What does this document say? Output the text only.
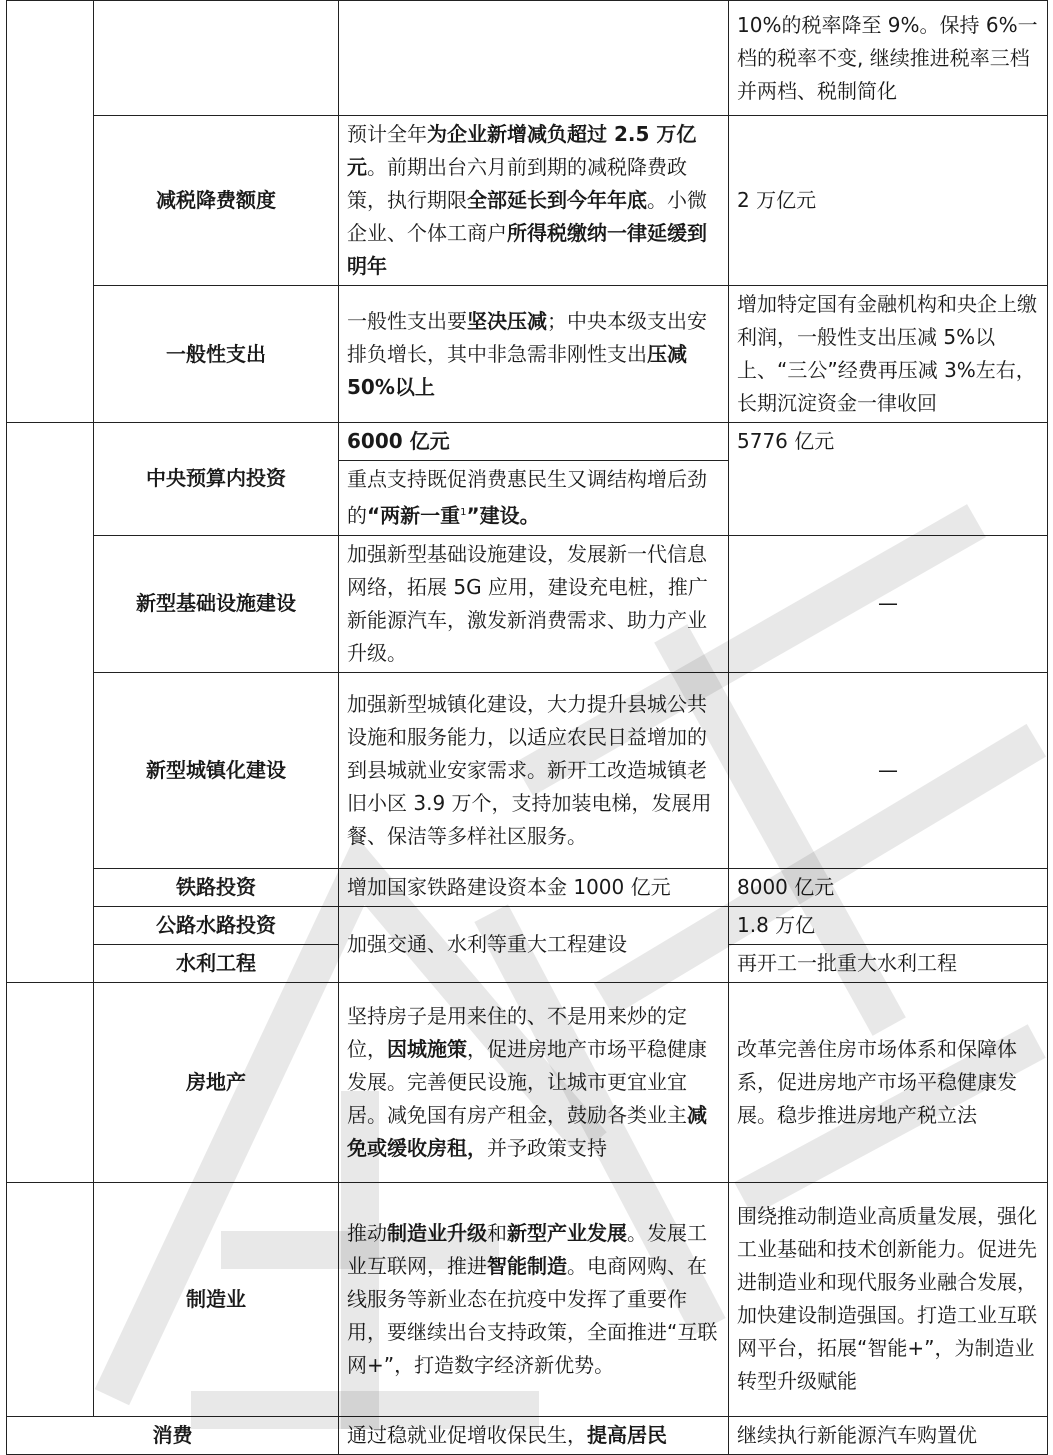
			10%的税率降至 9%。保持 6%一档的税率不变, 继续推进税率三档并两档、税制简化
	减税降费额度	预计全年为企业新增减负超过 2.5 万亿元。前期出台六月前到期的减税降费政策，执行期限全部延长到今年年底。小微企业、个体工商户所得税缴纳一律延缓到明年	2 万亿元
	一般性支出	一般性支出要坚决压减；中央本级支出安排负增长，其中非急需非刚性支出压减 50%以上	增加特定国有金融机构和央企上缴利润，一般性支出压减 5%以上、“三公”经费再压减 3%左右，长期沉淀资金一律收回

	中央预算内投资	6000 亿元	5776 亿元
		重点支持既促消费惠民生又调结构增后劲的“两新一重$^1$”建设。	
	新型基础设施建设	加强新型基础设施建设，发展新一代信息网络，拓展 5G 应用，建设充电桩，推广新能源汽车，激发新消费需求、助力产业升级。	—
	新型城镇化建设	加强新型城镇化建设，大力提升县城公共设施和服务能力，以适应农民日益增加的到县城就业安家需求。新开工改造城镇老旧小区 3.9 万个，支持加装电梯，发展用餐、保洁等多样社区服务。	—
	铁路投资	增加国家铁路建设资本金 1000 亿元	8000 亿元
	公路水路投资	加强交通、水利等重大工程建设	1.8 万亿
	水利工程		再开工一批重大水利工程
	房地产	坚持房子是用来住的、不是用来炒的定位，因城施策，促进房地产市场平稳健康发展。完善便民设施，让城市更宜业宜居。减免国有房产租金，鼓励各类业主减免或缓收房租，并予政策支持	改革完善住房市场体系和保障体系，促进房地产市场平稳健康发展。稳步推进房地产税立法
	制造业	推动制造业升级和新型产业发展。发展工业互联网，推进智能制造。电商网购、在线服务等新业态在抗疫中发挥了重要作用，要继续出台支持政策，全面推进“互联网+”，打造数字经济新优势。	围绕推动制造业高质量发展，强化工业基础和技术创新能力。促进先进制造业和现代服务业融合发展，加快建设制造强国。打造工业互联网平台，拓展“智能+”，为制造业转型升级赋能
消费		通过稳就业促增收保民生，提高居民	继续执行新能源汽车购置优
